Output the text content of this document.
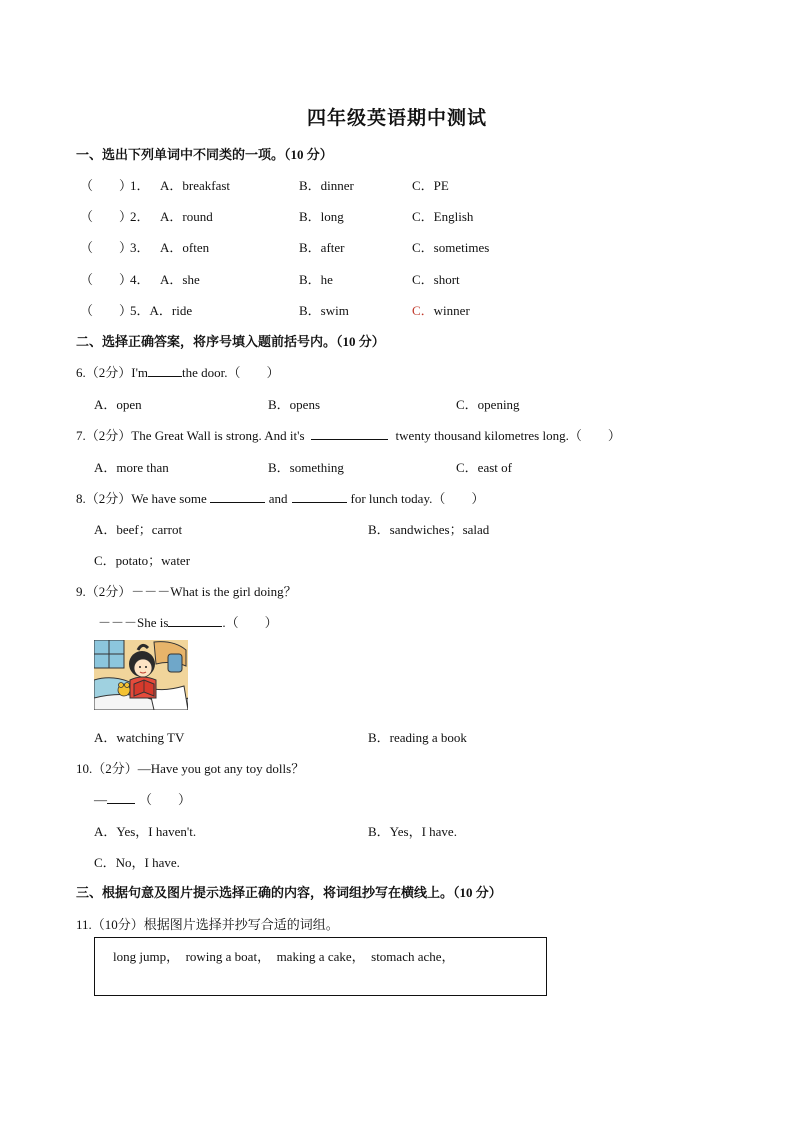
四年级英语期中测试
一、选出下列单词中不同类的一项。（10 分）
（　　）
1． A．breakfast	B．dinner	C．PE
（　　）
2． A．round	B．long	C．English
（　　）
3． A．often	B．after	C．sometimes
（　　）
4． A．she	B．he	C．short
（　　）
5．A．ride	B．swim	C．winner
二、选择正确答案，将序号填入题前括号内。（10 分）
6.（2分）I'm	the door.（　　）
A．open	B．opens	C．opening
7.（2分）The Great Wall is strong. And it's	twenty thousand kilometres long.（　　）
A．more than	B．something	C．east of
8.（2分）We have some	and	for lunch today.（　　）
A．beef；carrot	B．sandwiches；salad
C．potato；water
9.（2分）－－－What is the girl doing？
－－－She is	.（　　）
A．watching TV	B．reading a book
10.（2分）—Have you got any toy dolls？
— （　　）
A．Yes，I haven't.	B．Yes，I have.
C．No，I have.
三、根据句意及图片提示选择正确的内容，将词组抄写在横线上。（10 分）
11.（10分）根据图片选择并抄写合适的词组。
long jump，　rowing a boat，　making a cake，　stomach ache，
